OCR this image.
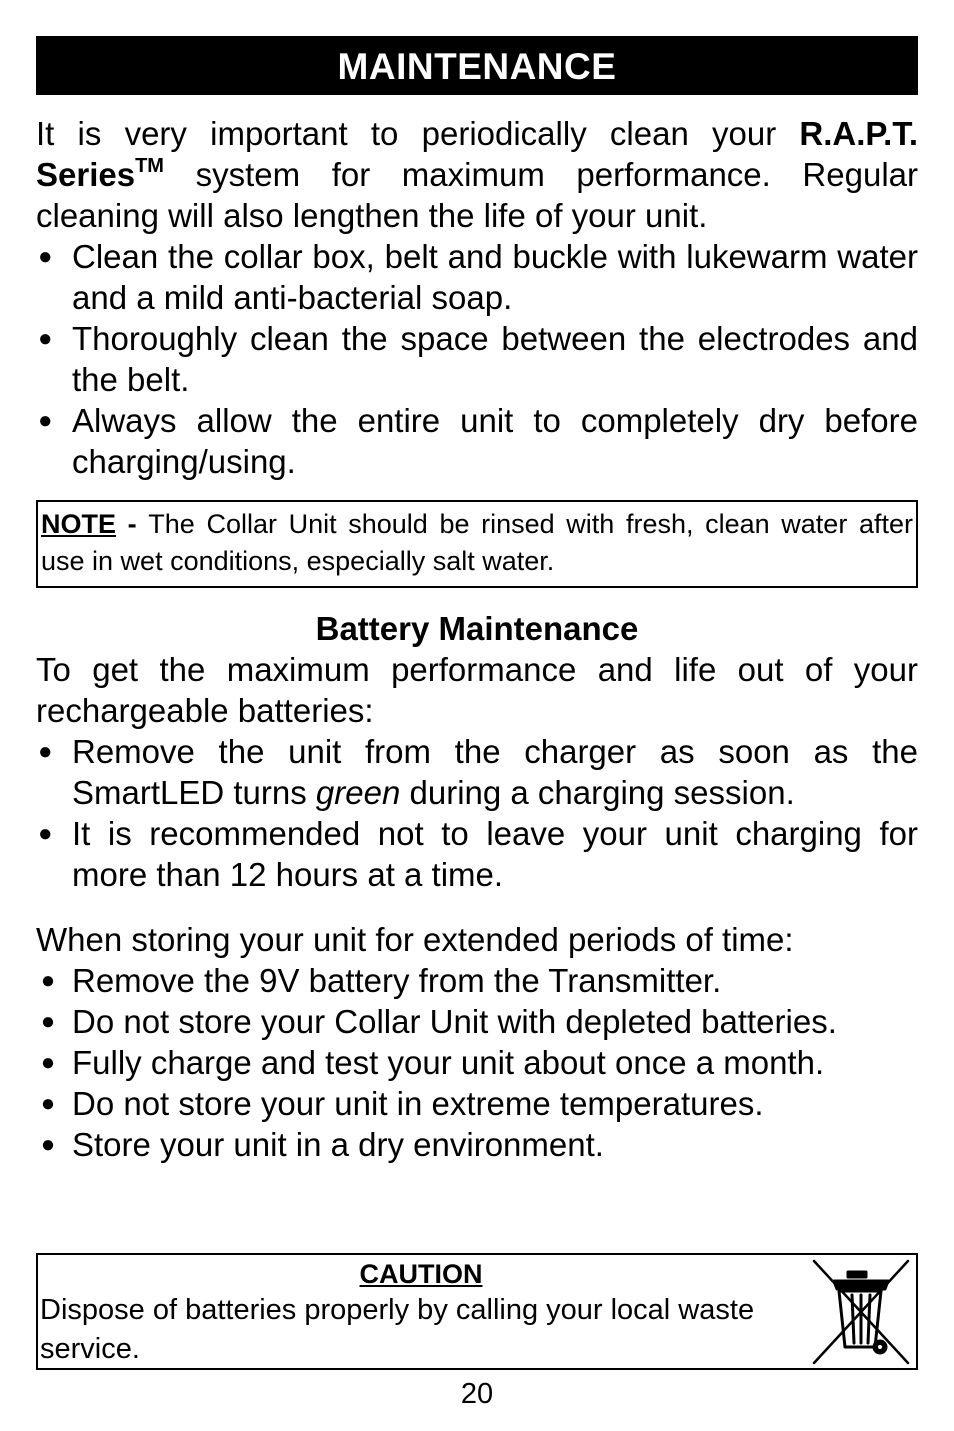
MAINTENANCE

It is very important to periodically clean your R.A.P.T. Series™ system for maximum performance. Regular cleaning will also lengthen the life of your unit.

● Clean the collar box, belt and buckle with lukewarm water and a mild anti-bacterial soap.
● Thoroughly clean the space between the electrodes and the belt.
● Always allow the entire unit to completely dry before charging/using.
NOTE - The Collar Unit should be rinsed with fresh, clean water after use in wet conditions, especially salt water.
Battery Maintenance

To get the maximum performance and life out of your rechargeable batteries:

● Remove the unit from the charger as soon as the SmartLED turns green during a charging session.
● It is recommended not to leave your unit charging for more than 12 hours at a time.

When storing your unit for extended periods of time:

● Remove the 9V battery from the Transmitter.
● Do not store your Collar Unit with depleted batteries.
● Fully charge and test your unit about once a month.
● Do not store your unit in extreme temperatures.
● Store your unit in a dry environment.
CAUTION
Dispose of batteries properly by calling your local waste service.
20
